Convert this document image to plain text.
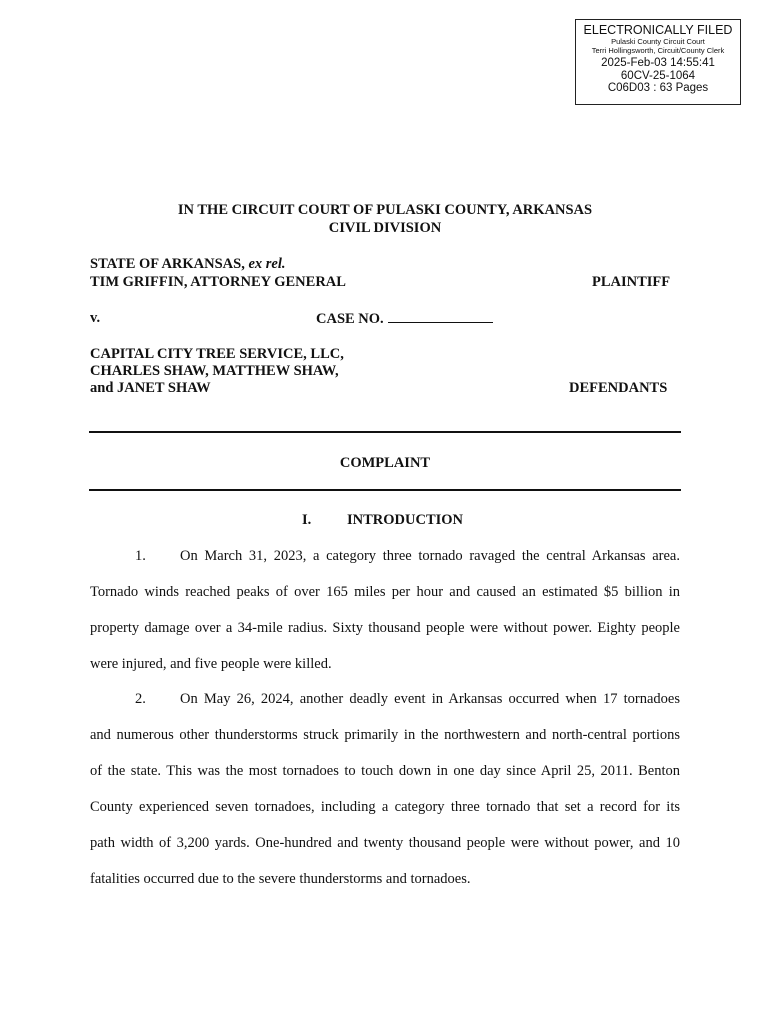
ELECTRONICALLY FILED
Pulaski County Circuit Court
Terri Hollingsworth, Circuit/County Clerk
2025-Feb-03 14:55:41
60CV-25-1064
C06D03 : 63 Pages
IN THE CIRCUIT COURT OF PULASKI COUNTY, ARKANSAS
CIVIL DIVISION
STATE OF ARKANSAS, ex rel.
TIM GRIFFIN, ATTORNEY GENERAL	PLAINTIFF
v.	CASE NO.
CAPITAL CITY TREE SERVICE, LLC,
CHARLES SHAW, MATTHEW SHAW,
and JANET SHAW	DEFENDANTS
COMPLAINT
I. INTRODUCTION
1. On March 31, 2023, a category three tornado ravaged the central Arkansas area.
Tornado winds reached peaks of over 165 miles per hour and caused an estimated $5 billion in
property damage over a 34-mile radius. Sixty thousand people were without power. Eighty people
were injured, and five people were killed.
2. On May 26, 2024, another deadly event in Arkansas occurred when 17 tornadoes
and numerous other thunderstorms struck primarily in the northwestern and north-central portions
of the state. This was the most tornadoes to touch down in one day since April 25, 2011. Benton
County experienced seven tornadoes, including a category three tornado that set a record for its
path width of 3,200 yards. One-hundred and twenty thousand people were without power, and 10
fatalities occurred due to the severe thunderstorms and tornadoes.
